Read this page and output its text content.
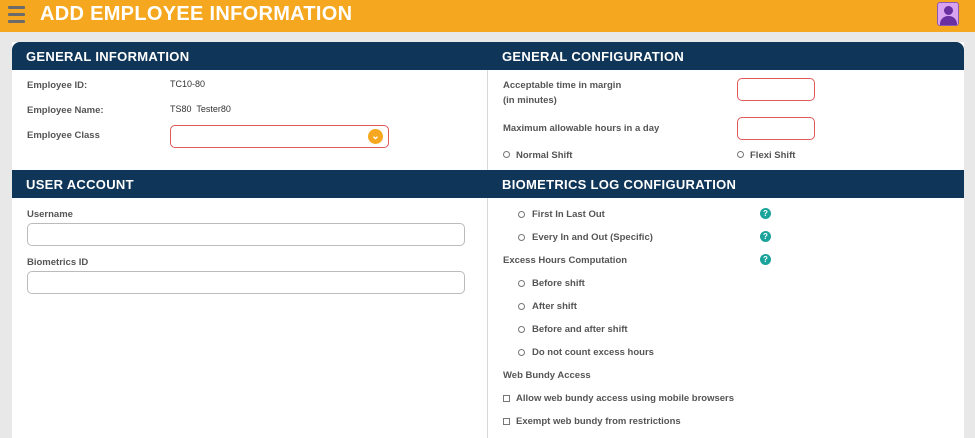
ADD EMPLOYEE INFORMATION
GENERAL INFORMATION	GENERAL CONFIGURATION
USER ACCOUNT	BIOMETRICS LOG CONFIGURATION
Employee ID:	TC10-80
Employee Name:	TS80  Tester80
Employee Class	⌄
Acceptable time in margin
(in minutes)
Maximum allowable hours in a day
Normal Shift	Flexi Shift
Username
Biometrics ID
First In Last Out	?
Every In and Out (Specific)	?
Excess Hours Computation	?
Before shift
After shift
Before and after shift
Do not count excess hours
Web Bundy Access
Allow web bundy access using mobile browsers
Exempt web bundy from restrictions
